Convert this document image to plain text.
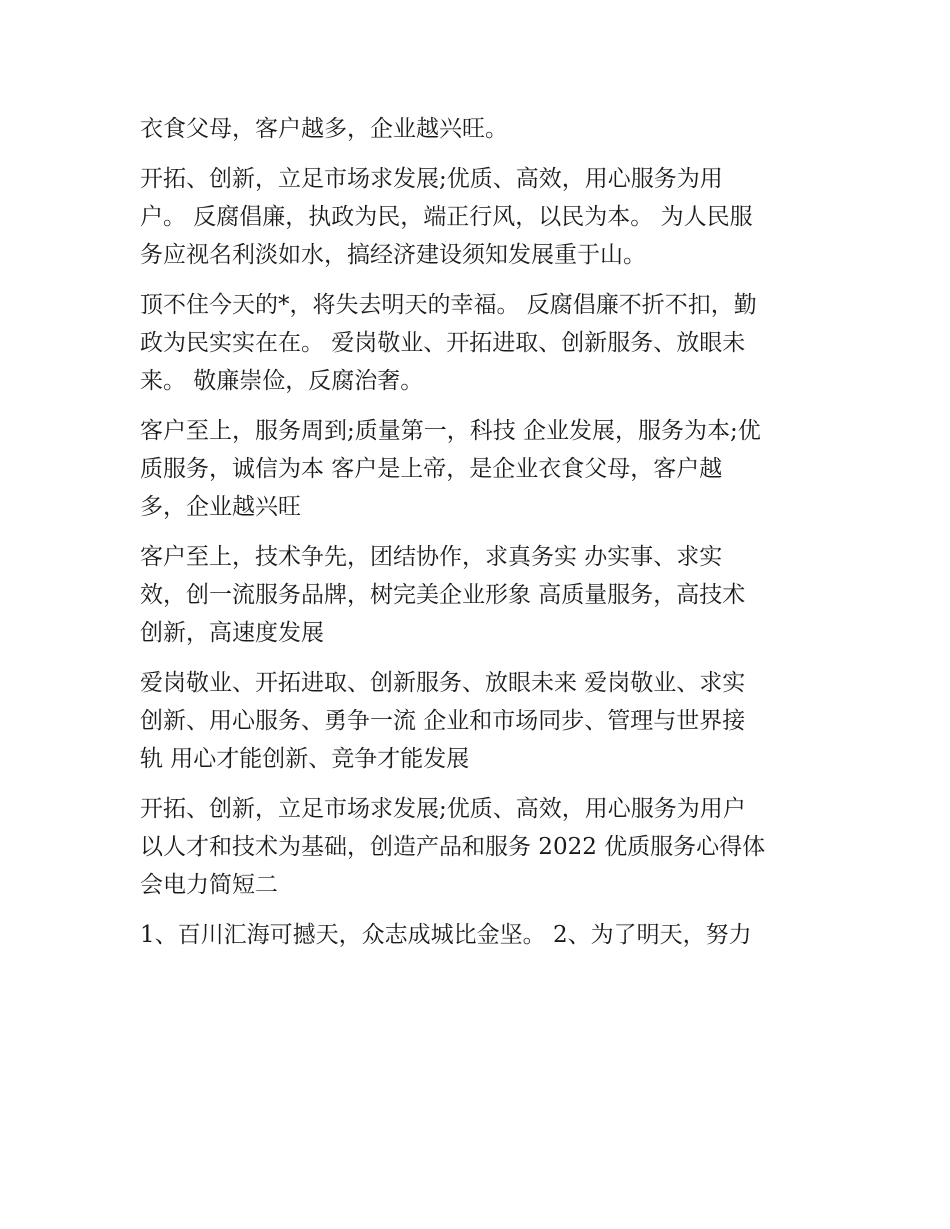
衣食父母，客户越多，企业越兴旺。
开拓、创新，立足市场求发展;优质、高效，用心服务为用
户。 反腐倡廉，执政为民，端正行风，以民为本。 为人民服
务应视名利淡如水，搞经济建设须知发展重于山。
顶不住今天的*，将失去明天的幸福。 反腐倡廉不折不扣，勤
政为民实实在在。 爱岗敬业、开拓进取、创新服务、放眼未
来。 敬廉崇俭，反腐治奢。
客户至上，服务周到;质量第一，科技 企业发展，服务为本;优
质服务，诚信为本 客户是上帝，是企业衣食父母，客户越
多，企业越兴旺
客户至上，技术争先，团结协作，求真务实 办实事、求实
效，创一流服务品牌，树完美企业形象 高质量服务，高技术
创新，高速度发展
爱岗敬业、开拓进取、创新服务、放眼未来 爱岗敬业、求实
创新、用心服务、勇争一流 企业和市场同步、管理与世界接
轨 用心才能创新、竞争才能发展
开拓、创新，立足市场求发展;优质、高效，用心服务为用户
以人才和技术为基础，创造产品和服务 2022 优质服务心得体
会电力简短二
1、百川汇海可撼天，众志成城比金坚。 2、为了明天，努力
